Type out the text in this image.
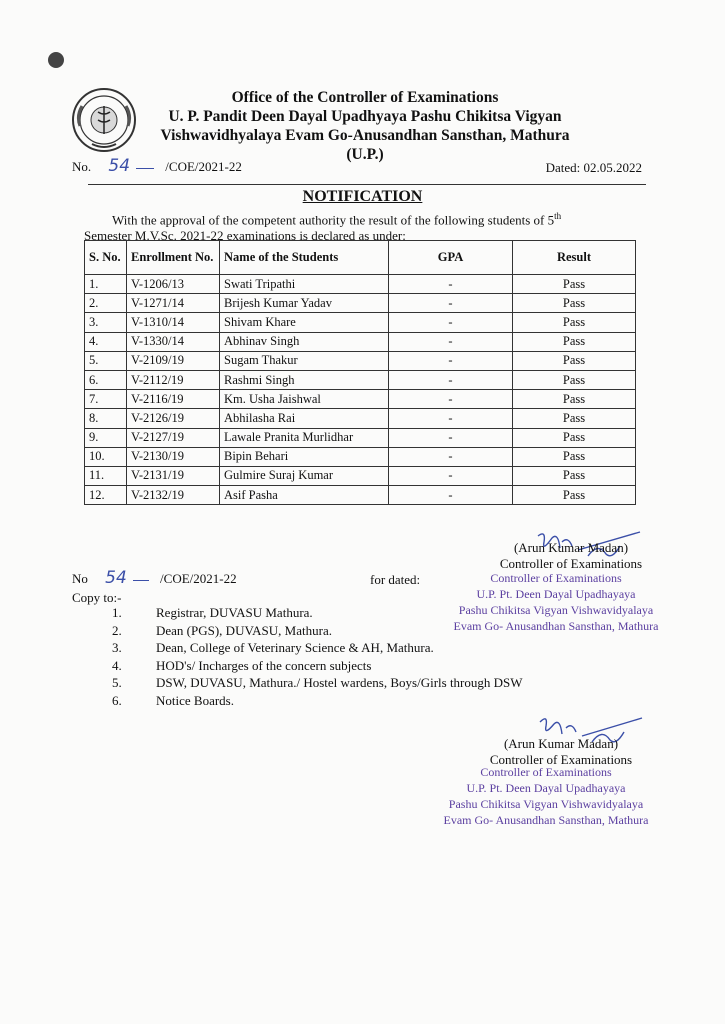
Office of the Controller of Examinations
U. P. Pandit Deen Dayal Upadhyaya Pashu Chikitsa Vigyan
Vishwavidhyalaya Evam Go-Anusandhan Sansthan, Mathura (U.P.)
No. 54	/COE/2021-22	Dated: 02.05.2022
NOTIFICATION
With the approval of the competent authority the result of the following students of 5th
Semester M.V.Sc. 2021-22 examinations is declared as under:
S. No.	Enrollment No.	Name of the Students	GPA	Result
1.	V-1206/13	Swati Tripathi	-	Pass
2.	V-1271/14	Brijesh Kumar Yadav	-	Pass
3.	V-1310/14	Shivam Khare	-	Pass
4.	V-1330/14	Abhinav Singh	-	Pass
5.	V-2109/19	Sugam Thakur	-	Pass
6.	V-2112/19	Rashmi Singh	-	Pass
7.	V-2116/19	Km. Usha Jaishwal	-	Pass
8.	V-2126/19	Abhilasha Rai	-	Pass
9.	V-2127/19	Lawale Pranita Murlidhar	-	Pass
10.	V-2130/19	Bipin Behari	-	Pass
11.	V-2131/19	Gulmire Suraj Kumar	-	Pass
12.	V-2132/19	Asif Pasha	-	Pass
(Arun Kumar Madan)
Controller of Examinations
Controller of Examinations
U.P. Pt. Deen Dayal Upadhayaya
Pashu Chikitsa Vigyan Vishwavidyalaya
Evam Go- Anusandhan Sansthan, Mathura
No 54	/COE/2021-22	for dated:
Copy to:-
1.	Registrar, DUVASU Mathura.
2.	Dean (PGS), DUVASU, Mathura.
3.	Dean, College of Veterinary Science & AH, Mathura.
4.	HOD's/ Incharges of the concern subjects
5.	DSW, DUVASU, Mathura./ Hostel wardens, Boys/Girls through DSW
6.	Notice Boards.
(Arun Kumar Madan)
Controller of Examinations
Controller of Examinations
U.P. Pt. Deen Dayal Upadhayaya
Pashu Chikitsa Vigyan Vishwavidyalaya
Evam Go- Anusandhan Sansthan, Mathura
